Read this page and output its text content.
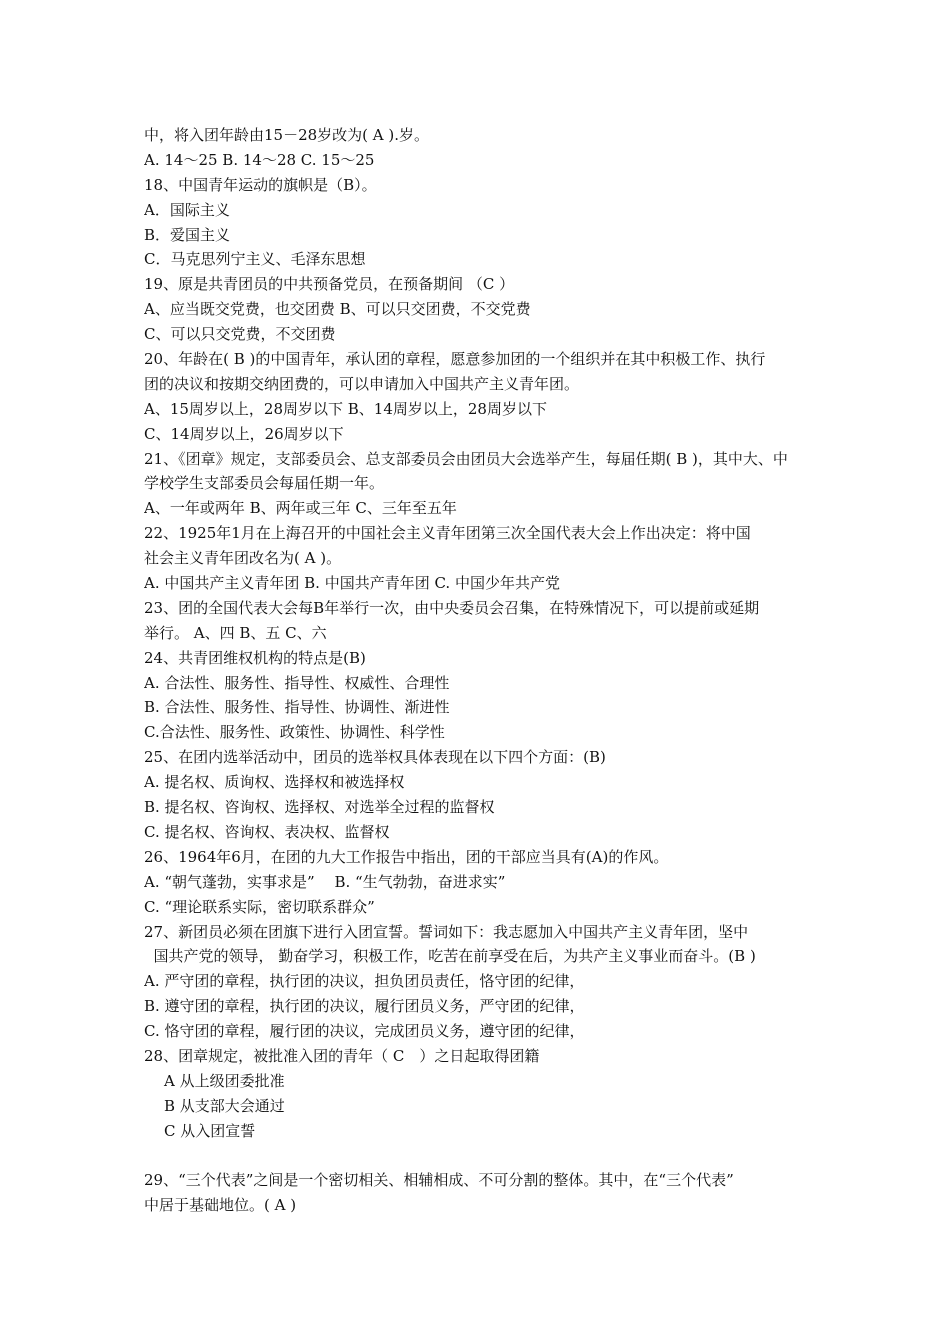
中，将入团年龄由15－28岁改为( A ).岁。
A. 14～25 B. 14～28 C. 15～25
18、中国青年运动的旗帜是（B）。
A．国际主义
B．爱国主义
C．马克思列宁主义、毛泽东思想
19、原是共青团员的中共预备党员，在预备期间 （C ）
A、应当既交党费，也交团费 B、可以只交团费，不交党费
C、可以只交党费，不交团费
20、年龄在( B )的中国青年，承认团的章程，愿意参加团的一个组织并在其中积极工作、执行
团的决议和按期交纳团费的，可以申请加入中国共产主义青年团。
A、15周岁以上，28周岁以下 B、14周岁以上，28周岁以下
C、14周岁以上，26周岁以下
21、《团章》规定，支部委员会、总支部委员会由团员大会选举产生，每届任期( B )，其中大、中
学校学生支部委员会每届任期一年。
A、一年或两年 B、两年或三年 C、三年至五年
22、1925年1月在上海召开的中国社会主义青年团第三次全国代表大会上作出决定：将中国
社会主义青年团改名为( A )。
A. 中国共产主义青年团 B. 中国共产青年团 C. 中国少年共产党
23、团的全国代表大会每B年举行一次，由中央委员会召集，在特殊情况下，可以提前或延期
举行。 A、四 B、五 C、六
24、共青团维权机构的特点是(B)
A. 合法性、服务性、指导性、权威性、合理性
B. 合法性、服务性、指导性、协调性、渐进性
C.合法性、服务性、政策性、协调性、科学性
25、在团内选举活动中，团员的选举权具体表现在以下四个方面：(B)
A. 提名权、质询权、选择权和被选择权
B. 提名权、咨询权、选择权、对选举全过程的监督权
C. 提名权、咨询权、表决权、监督权
26、1964年6月，在团的九大工作报告中指出，团的干部应当具有(A)的作风。
A. “朝气蓬勃，实事求是”　 B. “生气勃勃，奋进求实”
C. “理论联系实际，密切联系群众”
27、新团员必须在团旗下进行入团宣誓。誓词如下：我志愿加入中国共产主义青年团，坚中
国共产党的领导， 勤奋学习，积极工作，吃苦在前享受在后，为共产主义事业而奋斗。(B )
A. 严守团的章程，执行团的决议，担负团员责任，恪守团的纪律，
B. 遵守团的章程，执行团的决议，履行团员义务，严守团的纪律，
C. 恪守团的章程，履行团的决议，完成团员义务，遵守团的纪律，
28、团章规定，被批准入团的青年（ C　）之日起取得团籍
A 从上级团委批准
B 从支部大会通过
C 从入团宣誓
29、“三个代表”之间是一个密切相关、相辅相成、不可分割的整体。其中，在“三个代表”
中居于基础地位。( A )
